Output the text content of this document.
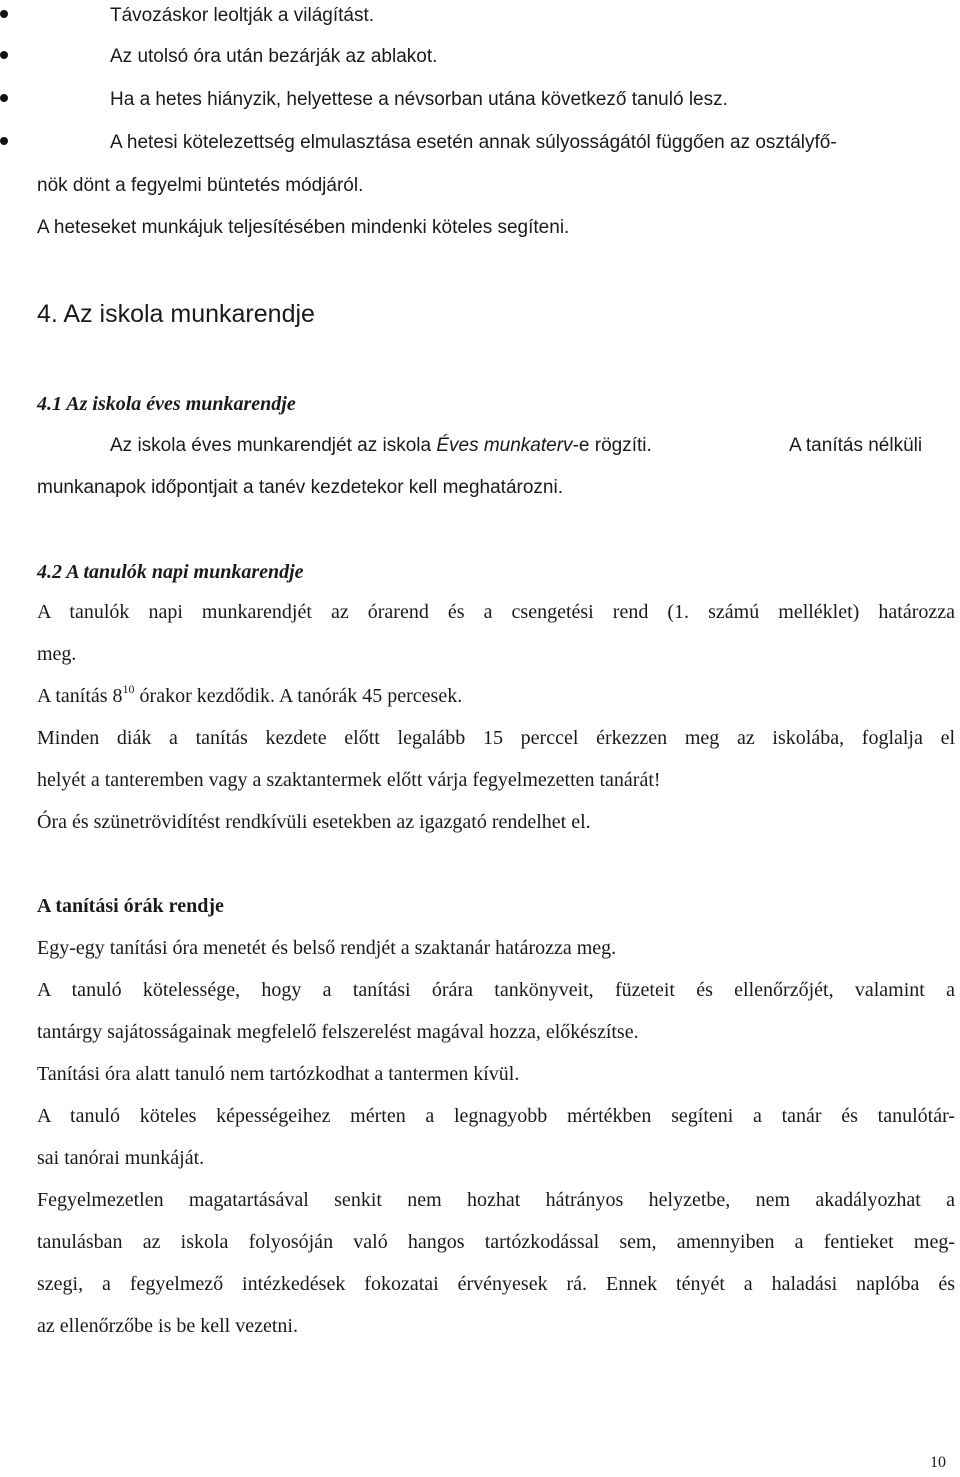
Távozáskor leoltják a világítást.
Az utolsó óra után bezárják az ablakot.
Ha a hetes hiányzik, helyettese a névsorban utána következő tanuló lesz.
A hetesi kötelezettség elmulasztása esetén annak súlyosságától függően az osztályfő-
nök dönt a fegyelmi büntetés módjáról.
A heteseket munkájuk teljesítésében mindenki köteles segíteni.
4. Az iskola munkarendje
4.1 Az iskola éves munkarendje
Az iskola éves munkarendjét az iskola Éves munkaterv-e rögzíti.	A tanítás nélküli
munkanapok időpontjait a tanév kezdetekor kell meghatározni.
4.2 A tanulók napi munkarendje
A tanulók napi munkarendjét az órarend és a csengetési rend (1. számú melléklet) határozza
meg.
A tanítás $8^{10}$ órakor kezdődik. A tanórák 45 percesek.
Minden diák a tanítás kezdete előtt legalább 15 perccel érkezzen meg az iskolába, foglalja el
helyét a tanteremben vagy a szaktantermek előtt várja fegyelmezetten tanárát!
Óra és szünetrövidítést rendkívüli esetekben az igazgató rendelhet el.
A tanítási órák rendje
Egy-egy tanítási óra menetét és belső rendjét a szaktanár határozza meg.
A tanuló kötelessége, hogy a tanítási órára tankönyveit, füzeteit és ellenőrzőjét, valamint a
tantárgy sajátosságainak megfelelő felszerelést magával hozza, előkészítse.
Tanítási óra alatt tanuló nem tartózkodhat a tantermen kívül.
A tanuló köteles képességeihez mérten a legnagyobb mértékben segíteni a tanár és tanulótár-
sai tanórai munkáját.
Fegyelmezetlen magatartásával senkit nem hozhat hátrányos helyzetbe, nem akadályozhat a
tanulásban az iskola folyosóján való hangos tartózkodással sem, amennyiben a fentieket meg-
szegi, a fegyelmező intézkedések fokozatai érvényesek rá. Ennek tényét a haladási naplóba és
az ellenőrzőbe is be kell vezetni.
10
